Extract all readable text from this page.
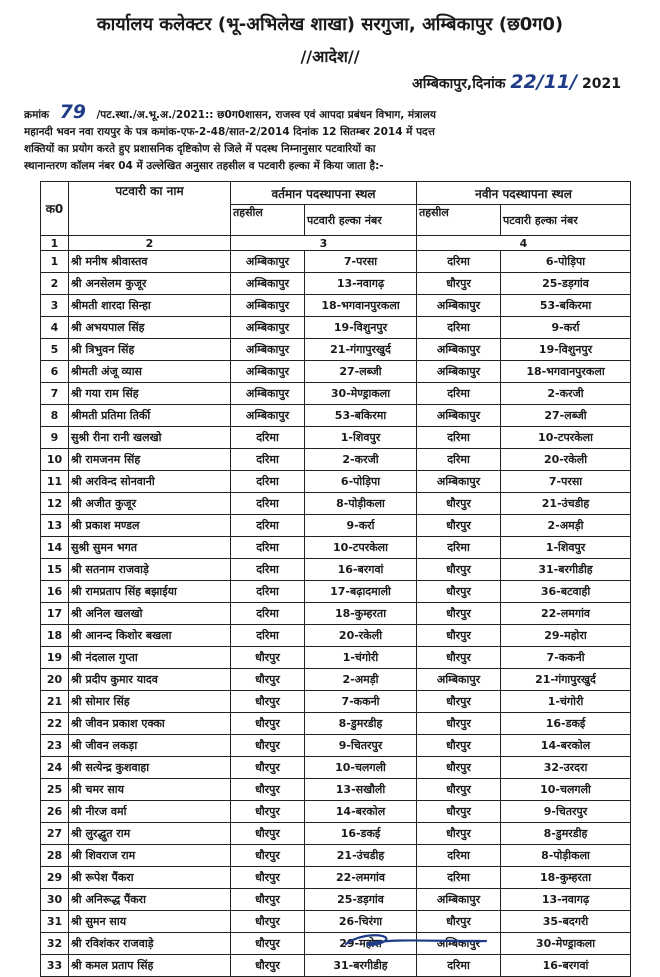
कार्यालय कलेक्टर (भू-अभिलेख शाखा) सरगुजा, अम्बिकापुर (छ0ग0)
//आदेश//
अम्बिकापुर,दिनांक 22/11/ 2021
क्रमांक 79 /पट.स्था./अ.भू.अ./2021:: छ0ग0शासन, राजस्व एवं आपदा प्रबंधन विभाग, मंत्रालय
महानदी भवन नवा रायपुर के पत्र कमांक-एफ-2-48/सात-2/2014 दिनांक 12 सितम्बर 2014 में पदत्त
शक्तियों का प्रयोग करते हुए प्रशासनिक दृष्टिकोण से जिले में पदस्थ निम्नानुसार पटवारियों का
स्थानान्तरण कॉलम नंबर 04 में उल्लेखित अनुसार तहसील व पटवारी हल्का में किया जाता है:-
क0	पटवारी का नाम	वर्तमान पदस्थापना स्थल		नवीन पदस्थापना स्थल	
		तहसील	पटवारी हल्का नंबर	तहसील	पटवारी हल्का नंबर
1	2	3		4	
1	श्री मनीष श्रीवास्तव	अम्बिकापुर	7-परसा	दरिमा	6-पोड़िपा
2	श्री अनसेलम कुजूर	अम्बिकापुर	13-नवागढ़	धौरपुर	25-डड़गांव
3	श्रीमती शारदा सिन्हा	अम्बिकापुर	18-भगवानपुरकला	अम्बिकापुर	53-बकिरमा
4	श्री अभयपाल सिंह	अम्बिकापुर	19-विशुनपुर	दरिमा	9-कर्रा
5	श्री त्रिभुवन सिंह	अम्बिकापुर	21-गंगापुरखुर्द	अम्बिकापुर	19-विशुनपुर
6	श्रीमती अंजू व्यास	अम्बिकापुर	27-लब्जी	अम्बिकापुर	18-भगवानपुरकला
7	श्री गया राम सिंह	अम्बिकापुर	30-मेण्ड्राकला	दरिमा	2-करजी
8	श्रीमती प्रतिमा तिर्की	अम्बिकापुर	53-बकिरमा	अम्बिकापुर	27-लब्जी
9	सुश्री रीना रानी खलखो	दरिमा	1-शिवपुर	दरिमा	10-टपरकेला
10	श्री रामजनम सिंह	दरिमा	2-करजी	दरिमा	20-रकेली
11	श्री अरविन्द सोनवानी	दरिमा	6-पोड़िपा	अम्बिकापुर	7-परसा
12	श्री अजीत कुजूर	दरिमा	8-पोड़ीकला	धौरपुर	21-उंचडीह
13	श्री प्रकाश मण्डल	दरिमा	9-कर्रा	धौरपुर	2-अमड़ी
14	सुश्री सुमन भगत	दरिमा	10-टपरकेला	दरिमा	1-शिवपुर
15	श्री सतनाम राजवाड़े	दरिमा	16-बरगवां	धौरपुर	31-बरगीडीह
16	श्री रामप्रताप सिंह बझाईया	दरिमा	17-बढ़ादमाली	धौरपुर	36-बटवाही
17	श्री अनिल खलखो	दरिमा	18-कुम्हरता	धौरपुर	22-लमगांव
18	श्री आनन्द किशोर बखला	दरिमा	20-रकेली	धौरपुर	29-महोरा
19	श्री नंदलाल गुप्ता	धौरपुर	1-चंगोरी	धौरपुर	7-ककनी
20	श्री प्रदीप कुमार यादव	धौरपुर	2-अमड़ी	अम्बिकापुर	21-गंगापुरखुर्द
21	श्री सोमार सिंह	धौरपुर	7-ककनी	धौरपुर	1-चंगोरी
22	श्री जीवन प्रकाश एक्का	धौरपुर	8-डुमरडीह	धौरपुर	16-डकई
23	श्री जीवन लकड़ा	धौरपुर	9-चितरपुर	धौरपुर	14-बरकोल
24	श्री सत्येन्द्र कुशवाहा	धौरपुर	10-चलगली	धौरपुर	32-उरदरा
25	श्री चमर साय	धौरपुर	13-सखौली	धौरपुर	10-चलगली
26	श्री नीरज वर्मा	धौरपुर	14-बरकोल	धौरपुर	9-चितरपुर
27	श्री लुरद्धुत राम	धौरपुर	16-डकई	धौरपुर	8-डुमरडीह
28	श्री शिवराज राम	धौरपुर	21-उंचडीह	दरिमा	8-पोड़ीकला
29	श्री रूपेश पैंकरा	धौरपुर	22-लमगांव	दरिमा	18-कुम्हरता
30	श्री अनिरूद्ध पैंकरा	धौरपुर	25-डड़गांव	अम्बिकापुर	13-नवागढ़
31	श्री सुमन साय	धौरपुर	26-चिरंगा	धौरपुर	35-बदगरी
32	श्री रविशंकर राजवाड़े	धौरपुर	29-महोरा	अम्बिकापुर	30-मेण्ड्राकला
33	श्री कमल प्रताप सिंह	धौरपुर	31-बरगीडीह	दरिमा	16-बरगवां
